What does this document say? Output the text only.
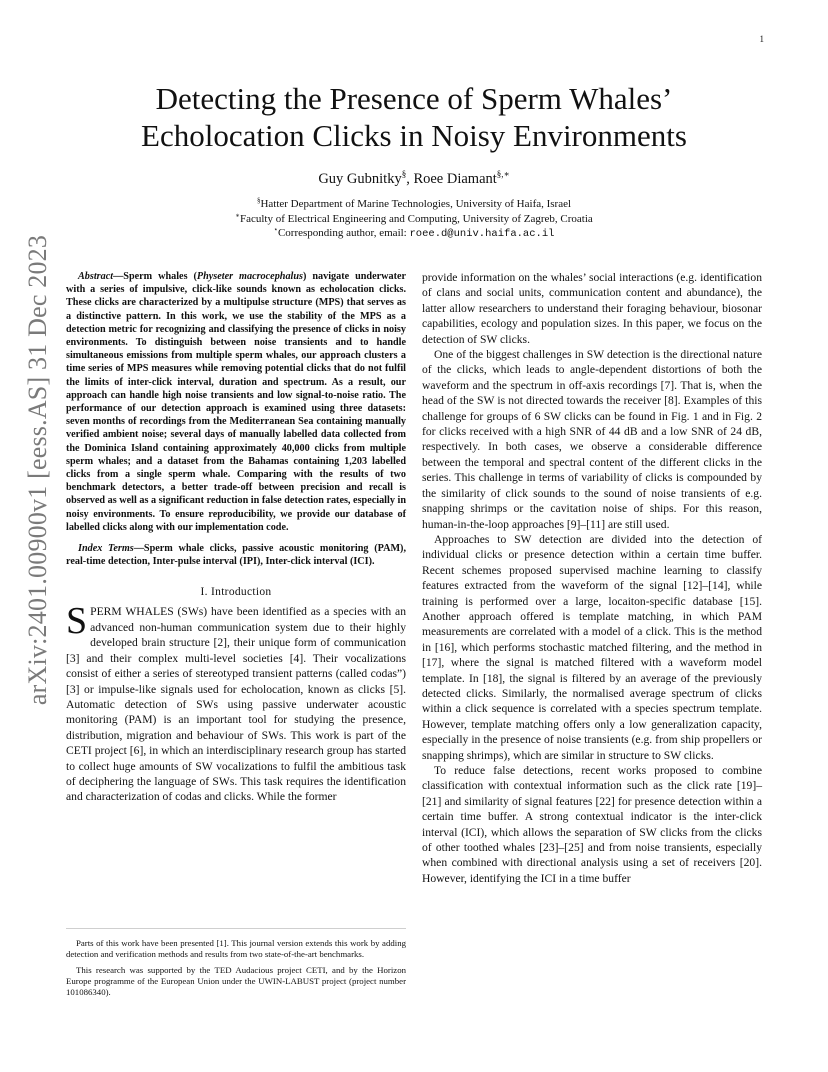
1
arXiv:2401.00900v1 [eess.AS] 31 Dec 2023
Detecting the Presence of Sperm Whales’
Echolocation Clicks in Noisy Environments
Guy Gubnitky§, Roee Diamant§,∗
§Hatter Department of Marine Technologies, University of Haifa, Israel
∗Faculty of Electrical Engineering and Computing, University of Zagreb, Croatia
⋆Corresponding author, email: roee.d@univ.haifa.ac.il

Abstract—Sperm whales (Physeter macrocephalus) navigate underwater with a series of impulsive, click-like sounds known as echolocation clicks. These clicks are characterized by a multipulse structure (MPS) that serves as a distinctive pattern. In this work, we use the stability of the MPS as a detection metric for recognizing and classifying the presence of clicks in noisy environments. To distinguish between noise transients and to handle simultaneous emissions from multiple sperm whales, our approach clusters a time series of MPS measures while removing potential clicks that do not fulfil the limits of inter-click interval, duration and spectrum. As a result, our approach can handle high noise transients and low signal-to-noise ratio. The performance of our detection approach is examined using three datasets: seven months of recordings from the Mediterranean Sea containing manually verified ambient noise; several days of manually labelled data collected from the Dominica Island containing approximately 40,000 clicks from multiple sperm whales; and a dataset from the Bahamas containing 1,203 labelled clicks from a single sperm whale. Comparing with the results of two benchmark detectors, a better trade-off between precision and recall is observed as well as a significant reduction in false detection rates, especially in noisy environments. To ensure reproducibility, we provide our database of labelled clicks along with our implementation code.

Index Terms—Sperm whale clicks, passive acoustic monitoring (PAM), real-time detection, Inter-pulse interval (IPI), Inter-click interval (ICI).

I. Introduction

SPERM WHALES (SWs) have been identified as a species with an advanced non-human communication system due to their highly developed brain structure [2], their unique form of communication [3] and their complex multi-level societies [4]. Their vocalizations consist of either a series of stereotyped transient patterns (called codas”) [3] or impulse-like signals used for echolocation, known as clicks [5]. Automatic detection of SWs using passive underwater acoustic monitoring (PAM) is an important tool for studying the presence, distribution, migration and behaviour of SWs. This work is part of the CETI project [6], in which an interdisciplinary research group has started to collect huge amounts of SW vocalizations to fulfil the ambitious task of deciphering the language of SWs. This task requires the identification and characterization of codas and clicks. While the former

Parts of this work have been presented [1]. This journal version extends this work by adding detection and verification methods and results from two state-of-the-art benchmarks.

This research was supported by the TED Audacious project CETI, and by the Horizon Europe programme of the European Union under the UWIN-LABUST project (project number 101086340).

provide information on the whales’ social interactions (e.g. identification of clans and social units, communication content and abundance), the latter allow researchers to understand their foraging behaviour, biosonar capabilities, ecology and population sizes. In this paper, we focus on the detection of SW clicks.

One of the biggest challenges in SW detection is the directional nature of the clicks, which leads to angle-dependent distortions of both the waveform and the spectrum in off-axis recordings [7]. That is, when the head of the SW is not directed towards the receiver [8]. Examples of this challenge for groups of 6 SW clicks can be found in Fig. 1 and in Fig. 2 for clicks received with a high SNR of 44 dB and a low SNR of 24 dB, respectively. In both cases, we observe a considerable difference between the temporal and spectral content of the different clicks in the series. This challenge in terms of variability of clicks is compounded by the similarity of click sounds to the sound of noise transients of e.g. snapping shrimps or the cavitation noise of ships. For this reason, human-in-the-loop approaches [9]–[11] are still used.

Approaches to SW detection are divided into the detection of individual clicks or presence detection within a certain time buffer. Recent schemes proposed supervised machine learning to classify features extracted from the waveform of the signal [12]–[14], while training is performed over a large, locaiton-specific database [15]. Another approach offered is template matching, in which PAM measurements are correlated with a model of a click. This is the method in [16], which performs stochastic matched filtering, and the method in [17], where the signal is matched filtered with a waveform model template. In [18], the signal is filtered by an average of the previously detected clicks. Similarly, the normalised average spectrum of clicks within a click sequence is correlated with a species spectrum template. However, template matching offers only a low generalization capacity, especially in the presence of noise transients (e.g. from ship propellers or snapping shrimps), which are similar in structure to SW clicks.

To reduce false detections, recent works proposed to combine classification with contextual information such as the click rate [19]–[21] and similarity of signal features [22] for presence detection within a certain time buffer. A strong contextual indicator is the inter-click interval (ICI), which allows the separation of SW clicks from the clicks of other toothed whales [23]–[25] and from noise transients, especially when combined with directional analysis using a set of receivers [20]. However, identifying the ICI in a time buffer
